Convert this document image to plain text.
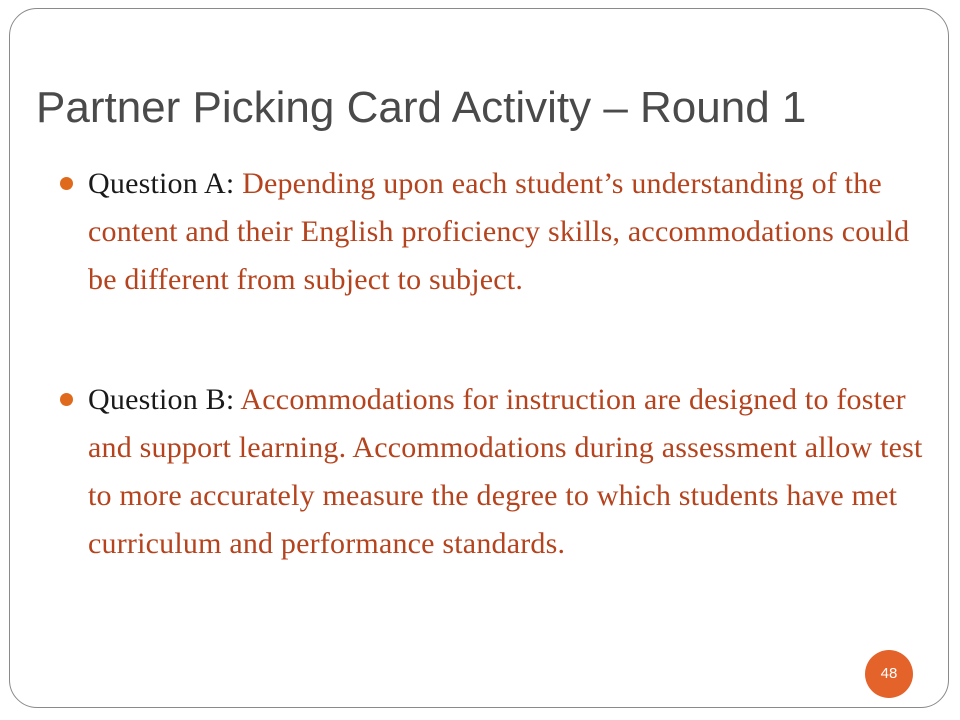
Partner Picking Card Activity – Round 1
Question A: Depending upon each student’s understanding of the content and their English proficiency skills, accommodations could be different from subject to subject.
Question B: Accommodations for instruction are designed to foster and support learning. Accommodations during assessment allow test to more accurately measure the degree to which students have met curriculum and performance standards.
48
